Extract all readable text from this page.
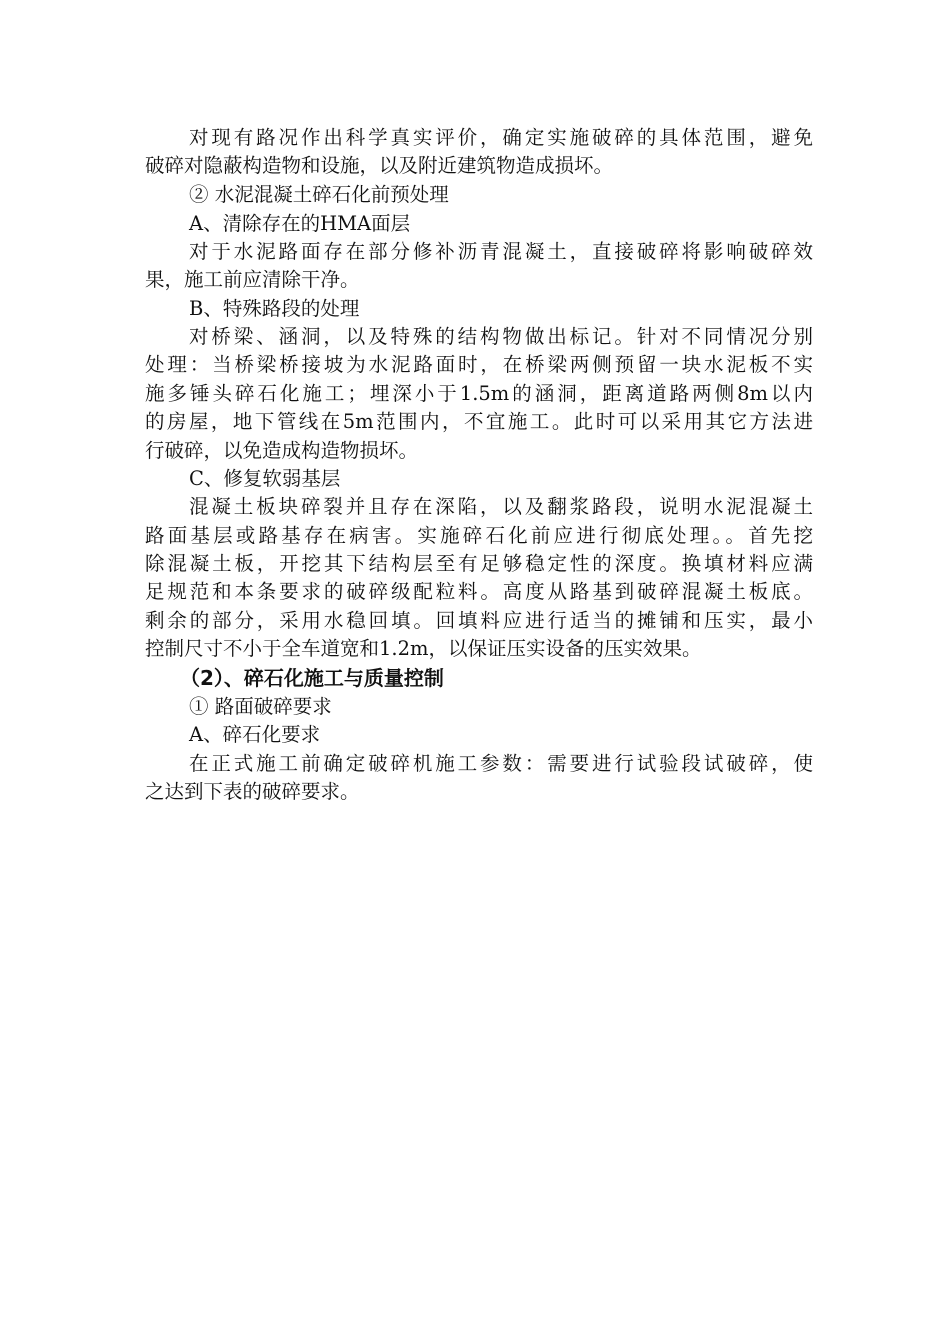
对现有路况作出科学真实评价，确定实施破碎的具体范围，避免
破碎对隐蔽构造物和设施，以及附近建筑物造成损坏。
② 水泥混凝土碎石化前预处理
A、清除存在的HMA面层
对于水泥路面存在部分修补沥青混凝土，直接破碎将影响破碎效
果，施工前应清除干净。
B、特殊路段的处理
对桥梁、涵洞，以及特殊的结构物做出标记。针对不同情况分别
处理：当桥梁桥接坡为水泥路面时，在桥梁两侧预留一块水泥板不实
施多锤头碎石化施工；埋深小于1.5m的涵洞，距离道路两侧8m以内
的房屋，地下管线在5m范围内，不宜施工。此时可以采用其它方法进
行破碎，以免造成构造物损坏。
C、修复软弱基层
混凝土板块碎裂并且存在深陷，以及翻浆路段，说明水泥混凝土
路面基层或路基存在病害。实施碎石化前应进行彻底处理。。首先挖
除混凝土板，开挖其下结构层至有足够稳定性的深度。换填材料应满
足规范和本条要求的破碎级配粒料。高度从路基到破碎混凝土板底。
剩余的部分，采用水稳回填。回填料应进行适当的摊铺和压实，最小
控制尺寸不小于全车道宽和1.2m，以保证压实设备的压实效果。
（2）、碎石化施工与质量控制
① 路面破碎要求
A、碎石化要求
在正式施工前确定破碎机施工参数：需要进行试验段试破碎，使
之达到下表的破碎要求。
